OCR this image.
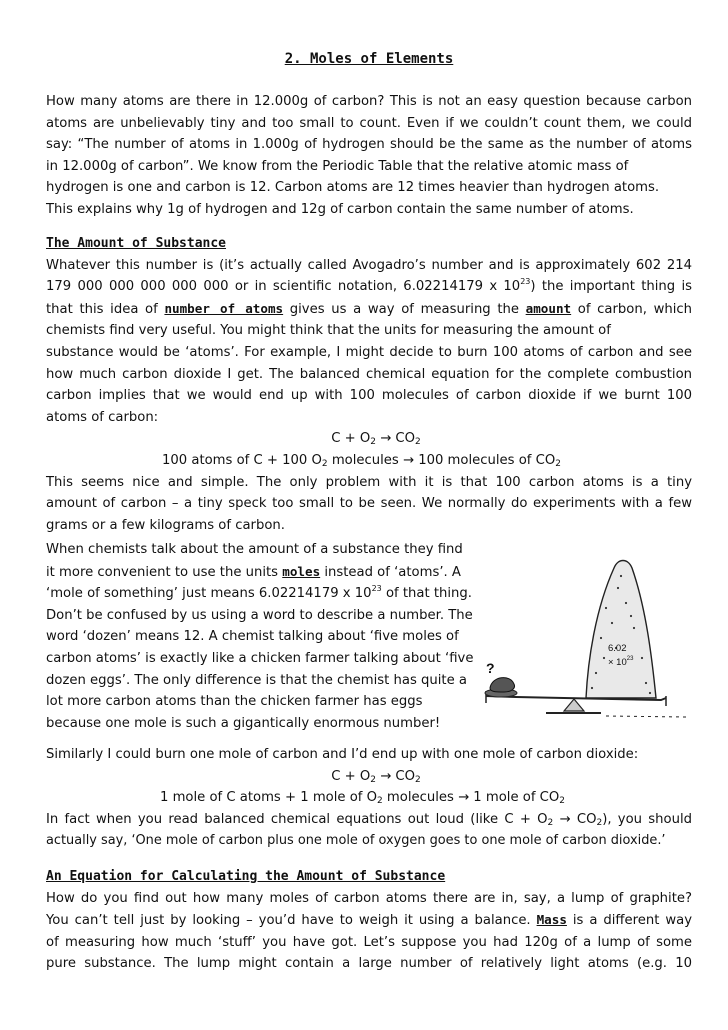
2. Moles of Elements
How many atoms are there in 12.000g of carbon? This is not an easy question because carbon
atoms are unbelievably tiny and too small to count. Even if we couldn’t count them, we could
say: “The number of atoms in 1.000g of hydrogen should be the same as the number of atoms
in 12.000g of carbon”. We know from the Periodic Table that the relative atomic mass of
hydrogen is one and carbon is 12. Carbon atoms are 12 times heavier than hydrogen atoms.
This explains why 1g of hydrogen and 12g of carbon contain the same number of atoms.
The Amount of Substance
Whatever this number is (it’s actually called Avogadro’s number and is approximately 602 214
179 000 000 000 000 000 or in scientific notation, 6.02214179 x $10^{23}$) the important thing is
that this idea of number of atoms gives us a way of measuring the amount of carbon, which
chemists find very useful. You might think that the units for measuring the amount of
substance would be ‘atoms’. For example, I might decide to burn 100 atoms of carbon and see
how much carbon dioxide I get. The balanced chemical equation for the complete combustion
carbon implies that we would end up with 100 molecules of carbon dioxide if we burnt 100
atoms of carbon:
$C + O_2 \to CO_2$
100 atoms of C + 100 $O_2$ molecules → 100 molecules of $CO_2$
This seems nice and simple. The only problem with it is that 100 carbon atoms is a tiny
amount of carbon – a tiny speck too small to be seen. We normally do experiments with a few
grams or a few kilograms of carbon.
When chemists talk about the amount of a substance they find
it more convenient to use the units moles instead of ‘atoms’. A
‘mole of something’ just means 6.02214179 x $10^{23}$ of that thing.
Don’t be confused by us using a word to describe a number. The
word ‘dozen’ means 12. A chemist talking about ‘five moles of
carbon atoms’ is exactly like a chicken farmer talking about ‘five
dozen eggs’. The only difference is that the chemist has quite a
lot more carbon atoms than the chicken farmer has eggs
because one mole is such a gigantically enormous number!
Similarly I could burn one mole of carbon and I’d end up with one mole of carbon dioxide:
$C + O_2 \to CO_2$
1 mole of C atoms + 1 mole of $O_2$ molecules → 1 mole of $CO_2$
In fact when you read balanced chemical equations out loud (like $C + O_2 \to CO_2$), you should
actually say, ‘One mole of carbon plus one mole of oxygen goes to one mole of carbon dioxide.’
An Equation for Calculating the Amount of Substance
How do you find out how many moles of carbon atoms there are in, say, a lump of graphite?
You can’t tell just by looking – you’d have to weigh it using a balance. Mass is a different way
of measuring how much ‘stuff’ you have got. Let’s suppose you had 120g of a lump of some
pure substance. The lump might contain a large number of relatively light atoms (e.g. 10
6.02
× $10^{23}$
?
